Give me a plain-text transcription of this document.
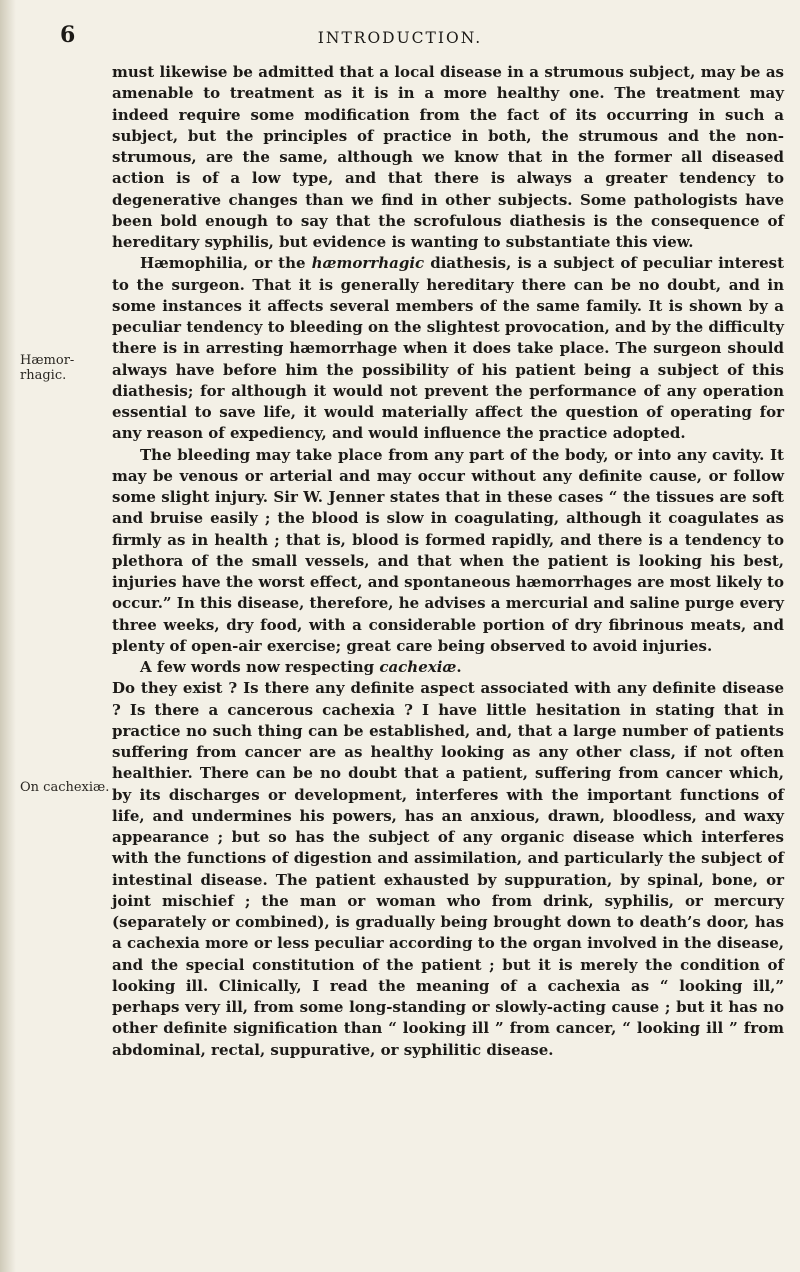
6	INTRODUCTION.
Hæmor-
rhagic.
On cachexiæ.

must likewise be admitted that a local disease in a strumous subject, may be as amenable to treatment as it is in a more healthy one. The treatment may indeed require some modification from the fact of its occurring in such a subject, but the principles of practice in both, the strumous and the non-strumous, are the same, although we know that in the former all diseased action is of a low type, and that there is always a greater tendency to degenerative changes than we find in other subjects. Some pathologists have been bold enough to say that the scrofulous diathesis is the consequence of hereditary syphilis, but evidence is wanting to substantiate this view.

Hæmophilia, or the hæmorrhagic diathesis, is a subject of peculiar interest to the surgeon. That it is generally hereditary there can be no doubt, and in some instances it affects several members of the same family. It is shown by a peculiar tendency to bleeding on the slightest provocation, and by the difficulty there is in arresting hæmorrhage when it does take place. The surgeon should always have before him the possibility of his patient being a subject of this diathesis; for although it would not prevent the performance of any operation essential to save life, it would materially affect the question of operating for any reason of expediency, and would influence the practice adopted.

The bleeding may take place from any part of the body, or into any cavity. It may be venous or arterial and may occur without any definite cause, or follow some slight injury. Sir W. Jenner states that in these cases “ the tissues are soft and bruise easily ; the blood is slow in coagulating, although it coagulates as firmly as in health ; that is, blood is formed rapidly, and there is a tendency to plethora of the small vessels, and that when the patient is looking his best, injuries have the worst effect, and spontaneous hæmorrhages are most likely to occur.” In this disease, therefore, he advises a mercurial and saline purge every three weeks, dry food, with a considerable portion of dry fibrinous meats, and plenty of open-air exercise; great care being observed to avoid injuries.

A few words now respecting cachexiæ.

Do they exist ? Is there any definite aspect associated with any definite disease ? Is there a cancerous cachexia ? I have little hesitation in stating that in practice no such thing can be established, and, that a large number of patients suffering from cancer are as healthy looking as any other class, if not often healthier. There can be no doubt that a patient, suffering from cancer which, by its discharges or development, interferes with the important functions of life, and undermines his powers, has an anxious, drawn, bloodless, and waxy appearance ; but so has the subject of any organic disease which interferes with the functions of digestion and assimilation, and particularly the subject of intestinal disease. The patient exhausted by suppuration, by spinal, bone, or joint mischief ; the man or woman who from drink, syphilis, or mercury (separately or combined), is gradually being brought down to death’s door, has a cachexia more or less peculiar according to the organ involved in the disease, and the special constitution of the patient ; but it is merely the condition of looking ill. Clinically, I read the meaning of a cachexia as “ looking ill,” perhaps very ill, from some long-standing or slowly-acting cause ; but it has no other definite signification than “ looking ill ” from cancer, “ looking ill ” from abdominal, rectal, suppurative, or syphilitic disease.
